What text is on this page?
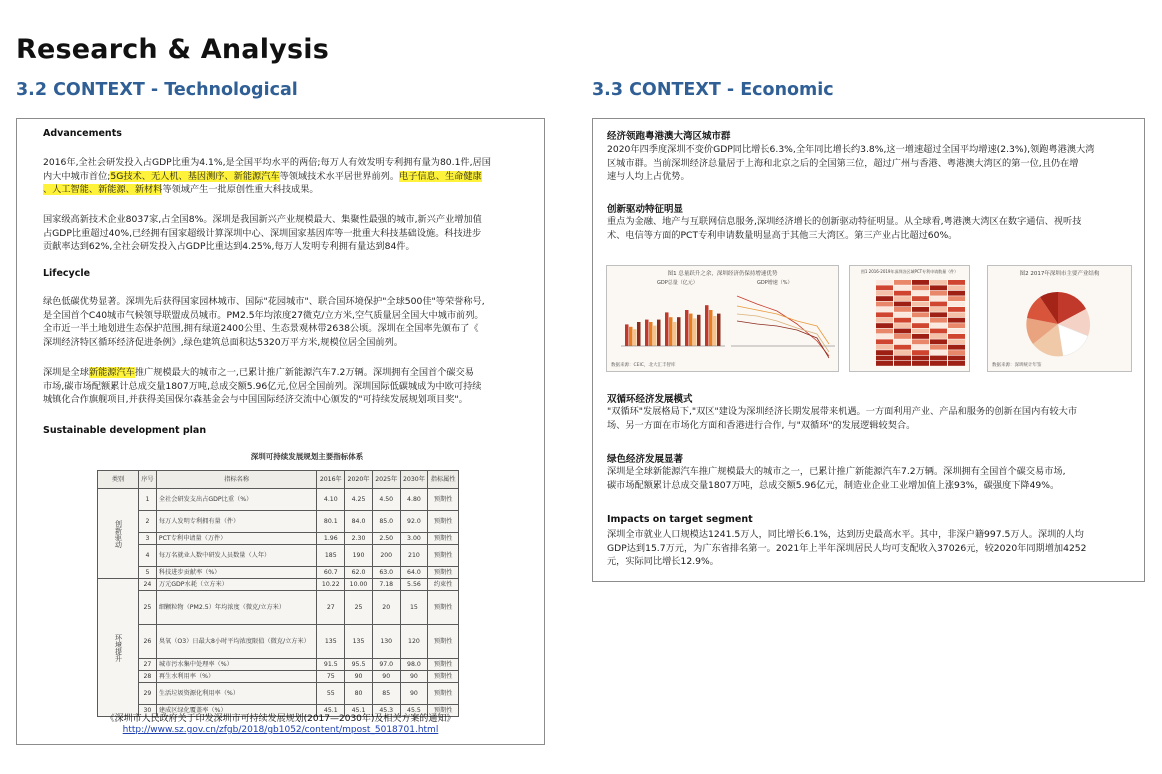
Research & Analysis
3.2 CONTEXT - Technological	3.3 CONTEXT - Economic
Advancements
2016年,全社会研发投入占GDP比重为4.1%,是全国平均水平的两倍;每万人有效发明专利拥有量为80.1件,居国
内大中城市首位;5G技术、无人机、基因测序、新能源汽车等领域技术水平居世界前列。电子信息、生命健康
、人工智能、新能源、新材料等领域产生一批原创性重大科技成果。
国家级高新技术企业8037家,占全国8%。深圳是我国新兴产业规模最大、集聚性最强的城市,新兴产业增加值
占GDP比重超过40%,已经拥有国家超级计算深圳中心、深圳国家基因库等一批重大科技基础设施。科技进步
贡献率达到62%,全社会研发投入占GDP比重达到4.25%,每万人发明专利拥有量达到84件。
Lifecycle
绿色低碳优势显著。深圳先后获得国家园林城市、国际"花园城市"、联合国环境保护"全球500佳"等荣誉称号,
是全国首个C40城市气候领导联盟成员城市。PM2.5年均浓度27微克/立方米,空气质量居全国大中城市前列。
全市近一半土地划进生态保护范围,拥有绿道2400公里、生态景观林带2638公顷。深圳在全国率先颁布了《
深圳经济特区循环经济促进条例》,绿色建筑总面积达5320万平方米,规模位居全国前列。
深圳是全球新能源汽车推广规模最大的城市之一,已累计推广新能源汽车7.2万辆。深圳拥有全国首个碳交易
市场,碳市场配额累计总成交量1807万吨,总成交额5.96亿元,位居全国前列。深圳国际低碳城成为中欧可持续
城镇化合作旗舰项目,并获得美国保尔森基金会与中国国际经济交流中心颁发的"可持续发展规划项目奖"。
Sustainable development plan
深圳可持续发展规划主要指标体系
类别	序号	指标名称	2016年	2020年	2025年	2030年	指标属性
创新驱动	1	全社会研发支出占GDP比重（%）	4.10	4.25	4.50	4.80	预期性
	2	每万人发明专利拥有量（件）	80.1	84.0	85.0	92.0	预期性
	3	PCT专利申请量（万件）	1.96	2.30	2.50	3.00	预期性
	4	每万名就业人数中研发人员数量（人年）	185	190	200	210	预期性
	5	科技进步贡献率（%）	60.7	62.0	63.0	64.0	预期性
环境提升	24	万元GDP水耗（立方米）	10.22	10.00	7.18	5.56	约束性
	25	细颗粒物（PM2.5）年均浓度（微克/立方米）	27	25	20	15	预期性
	26	臭氧（O3）日最大8小时平均浓度限值（微克/立方米）	135	135	130	120	预期性
	27	城市污水集中处理率（%）	91.5	95.5	97.0	98.0	预期性
	28	再生水利用率（%）	75	90	90	90	预期性
	29	生活垃圾资源化利用率（%）	55	80	85	90	预期性
	30	建成区绿化覆盖率（%）	45.1	45.1	45.3	45.5	预期性
《深圳市人民政府关于印发深圳市可持续发展规划(2017—2030年)及相关方案的通知》
http://www.sz.gov.cn/zfgb/2018/gb1052/content/mpost_5018701.html
经济领跑粤港澳大湾区城市群
2020年四季度深圳不变价GDP同比增长6.3%,全年同比增长约3.8%,这一增速超过全国平均增速(2.3%),领跑粤港澳大湾
区城市群。当前深圳经济总量居于上海和北京之后的全国第三位，超过广州与香港、粤港澳大湾区的第一位,且仍在增
速与人均上占优势。
创新驱动特征明显
重点为金融、地产与互联网信息服务,深圳经济增长的创新驱动特征明显。从全球看,粤港澳大湾区在数字通信、视听技
术、电信等方面的PCT专利申请数量明显高于其他三大湾区。第三产业占比超过60%。
图1 总量跃升之余，深圳经济仍保持增速优势
GDP总量（亿元）	GDP增速（%）
数据来源：CEIC，北大汇丰智库
图1 2016-2019年深圳各区域PCT专利申请数量（件）	图2 2017年深圳市主要产业结构
数据来源：深圳统计年鉴
双循环经济发展模式
"双循环"发展格局下,"双区"建设为深圳经济长期发展带来机遇。一方面利用产业、产品和服务的创新在国内有较大市
场、另一方面在市场化方面和香港进行合作, 与"双循环"的发展逻辑较契合。
绿色经济发展显著
深圳是全球新能源汽车推广规模最大的城市之一，已累计推广新能源汽车7.2万辆。深圳拥有全国首个碳交易市场,
碳市场配额累计总成交量1807万吨，总成交额5.96亿元，制造业企业工业增加值上涨93%，碳强度下降49%。
Impacts on target segment
深圳全市就业人口规模达1241.5万人，同比增长6.1%，达到历史最高水平。其中，非深户籍997.5万人。深圳的人均
GDP达到15.7万元，为广东省排名第一。2021年上半年深圳居民人均可支配收入37026元，较2020年同期增加4252
元，实际同比增长12.9%。
